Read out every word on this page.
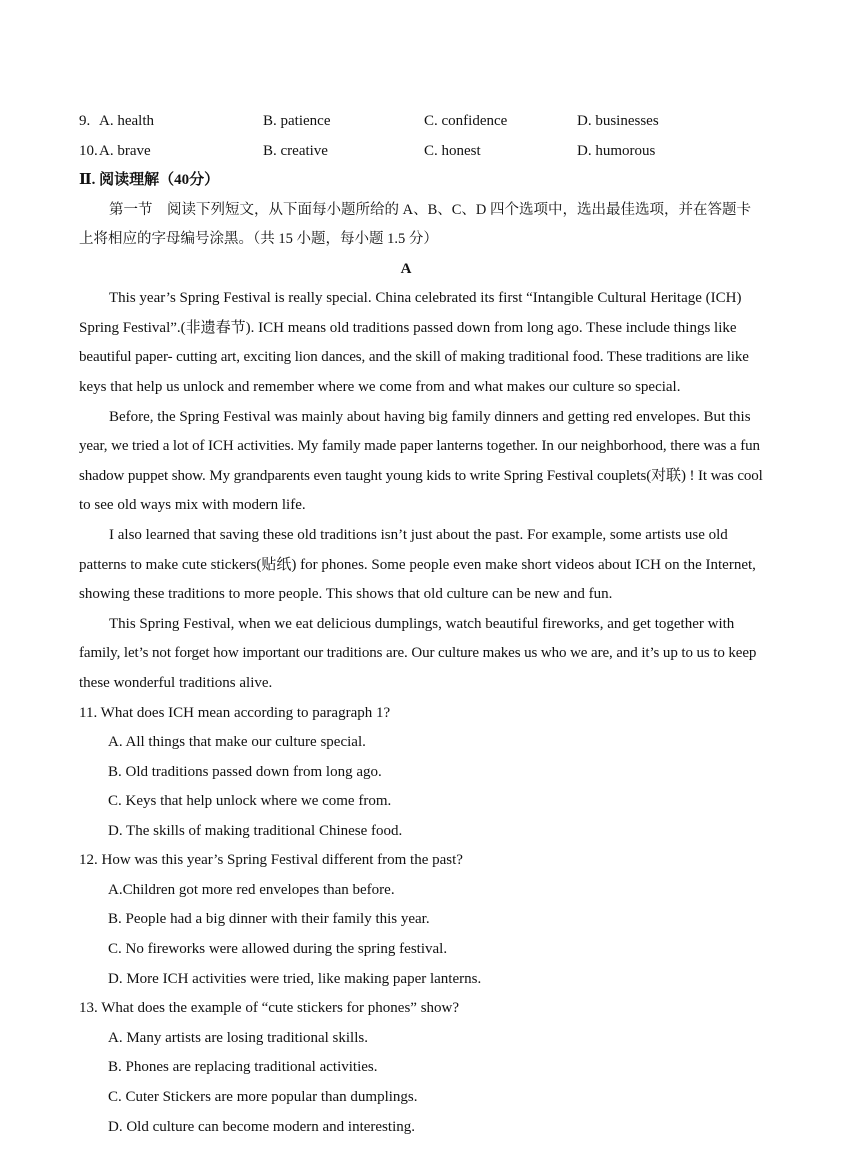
9. A. health	B. patience	C. confidence	D. businesses
10. A. brave	B. creative	C. honest	D. humorous
Ⅱ. 阅读理解（40分）
第一节　阅读下列短文，从下面每小题所给的 A、B、C、D 四个选项中，选出最佳选项，并在答题卡
上将相应的字母编号涂黑。（共 15 小题，每小题 1.5 分）
A
This year’s Spring Festival is really special. China celebrated its first “Intangible Cultural Heritage (ICH)
Spring Festival”.(非遗春节). ICH means old traditions passed down from long ago. These include things like
beautiful paper- cutting art, exciting lion dances, and the skill of making traditional food. These traditions are like
keys that help us unlock and remember where we come from and what makes our culture so special.
Before, the Spring Festival was mainly about having big family dinners and getting red envelopes. But this
year, we tried a lot of ICH activities. My family made paper lanterns together. In our neighborhood, there was a fun
shadow puppet show. My grandparents even taught young kids to write Spring Festival couplets(对联) ! It was cool
to see old ways mix with modern life.
I also learned that saving these old traditions isn’t just about the past. For example, some artists use old
patterns to make cute stickers(贴纸) for phones. Some people even make short videos about ICH on the Internet,
showing these traditions to more people. This shows that old culture can be new and fun.
This Spring Festival, when we eat delicious dumplings, watch beautiful fireworks, and get together with
family, let’s not forget how important our traditions are. Our culture makes us who we are, and it’s up to us to keep
these wonderful traditions alive.
11. What does ICH mean according to paragraph 1?
A. All things that make our culture special.
B. Old traditions passed down from long ago.
C. Keys that help unlock where we come from.
D. The skills of making traditional Chinese food.
12. How was this year’s Spring Festival different from the past?
A.Children got more red envelopes than before.
B. People had a big dinner with their family this year.
C. No fireworks were allowed during the spring festival.
D. More ICH activities were tried, like making paper lanterns.
13. What does the example of “cute stickers for phones” show?
A. Many artists are losing traditional skills.
B. Phones are replacing traditional activities.
C. Cuter Stickers are more popular than dumplings.
D. Old culture can become modern and interesting.
